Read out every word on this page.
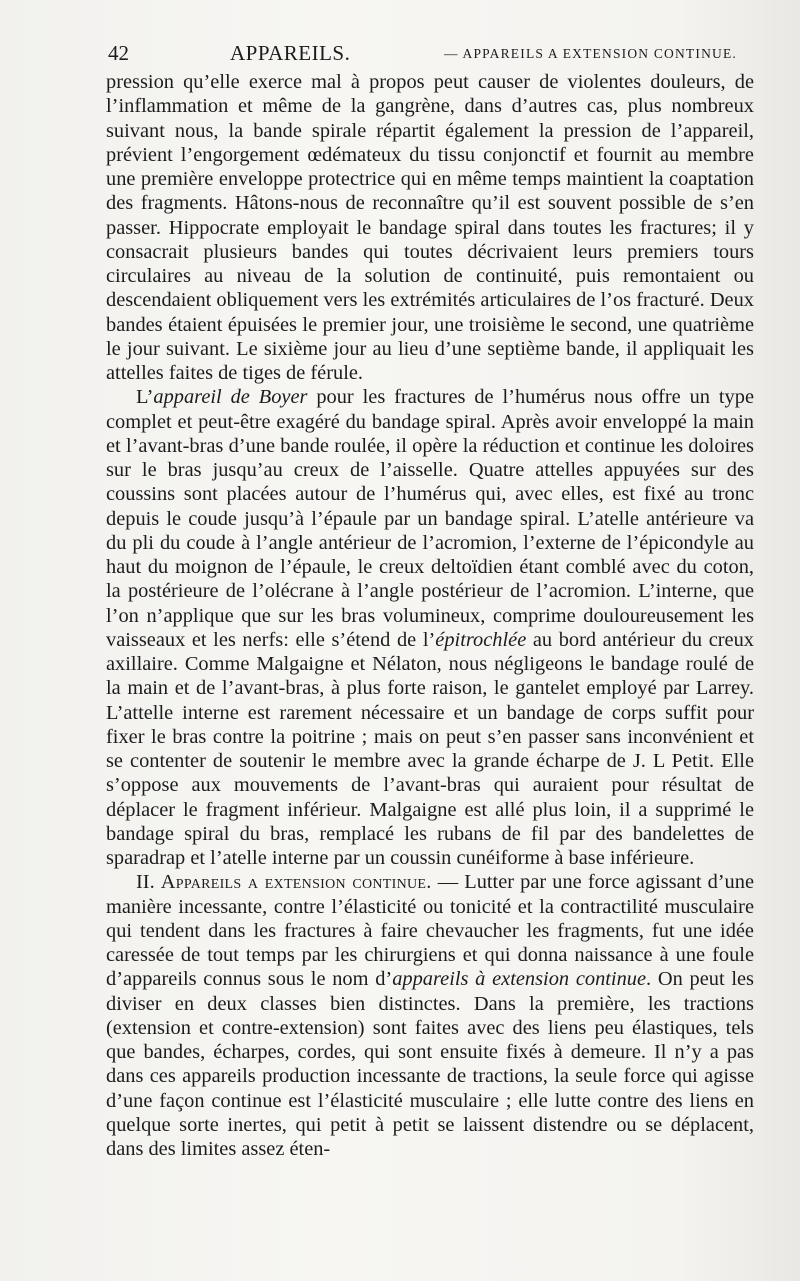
42	APPAREILS.	— APPAREILS A EXTENSION CONTINUE.

pression qu’elle exerce mal à propos peut causer de violentes douleurs, de l’inflammation et même de la gangrène, dans d’autres cas, plus nombreux suivant nous, la bande spirale répartit également la pression de l’appareil, prévient l’engorgement œdémateux du tissu conjonctif et fournit au membre une première enveloppe protectrice qui en même temps maintient la coaptation des fragments. Hâtons-nous de reconnaître qu’il est souvent possible de s’en passer. Hippocrate employait le bandage spiral dans toutes les fractures; il y consacrait plusieurs bandes qui toutes décrivaient leurs premiers tours circulaires au niveau de la solution de continuité, puis remontaient ou descendaient obliquement vers les extrémités articulaires de l’os fracturé. Deux bandes étaient épuisées le premier jour, une troisième le second, une quatrième le jour suivant. Le sixième jour au lieu d’une septième bande, il appliquait les attelles faites de tiges de férule.

L’appareil de Boyer pour les fractures de l’humérus nous offre un type complet et peut-être exagéré du bandage spiral. Après avoir enveloppé la main et l’avant-bras d’une bande roulée, il opère la réduction et continue les doloires sur le bras jusqu’au creux de l’aisselle. Quatre attelles appuyées sur des coussins sont placées autour de l’humérus qui, avec elles, est fixé au tronc depuis le coude jusqu’à l’épaule par un bandage spiral. L’atelle antérieure va du pli du coude à l’angle antérieur de l’acromion, l’externe de l’épicondyle au haut du moignon de l’épaule, le creux deltoïdien étant comblé avec du coton, la postérieure de l’olécrane à l’angle postérieur de l’acromion. L’interne, que l’on n’applique que sur les bras volumineux, comprime douloureusement les vaisseaux et les nerfs: elle s’étend de l’épitrochlée au bord antérieur du creux axillaire. Comme Malgaigne et Nélaton, nous négligeons le bandage roulé de la main et de l’avant-bras, à plus forte raison, le gantelet employé par Larrey. L’attelle interne est rarement nécessaire et un bandage de corps suffit pour fixer le bras contre la poitrine ; mais on peut s’en passer sans inconvénient et se contenter de soutenir le membre avec la grande écharpe de J. L Petit. Elle s’oppose aux mouvements de l’avant-bras qui auraient pour résultat de déplacer le fragment inférieur. Malgaigne est allé plus loin, il a supprimé le bandage spiral du bras, remplacé les rubans de fil par des bandelettes de sparadrap et l’atelle interne par un coussin cunéiforme à base inférieure.

II. Appareils a extension continue. — Lutter par une force agissant d’une manière incessante, contre l’élasticité ou tonicité et la contractilité musculaire qui tendent dans les fractures à faire chevaucher les fragments, fut une idée caressée de tout temps par les chirurgiens et qui donna naissance à une foule d’appareils connus sous le nom d’appareils à extension continue. On peut les diviser en deux classes bien distinctes. Dans la première, les tractions (extension et contre-extension) sont faites avec des liens peu élastiques, tels que bandes, écharpes, cordes, qui sont ensuite fixés à demeure. Il n’y a pas dans ces appareils production incessante de tractions, la seule force qui agisse d’une façon continue est l’élasticité musculaire ; elle lutte contre des liens en quelque sorte inertes, qui petit à petit se laissent distendre ou se déplacent, dans des limites assez éten-
